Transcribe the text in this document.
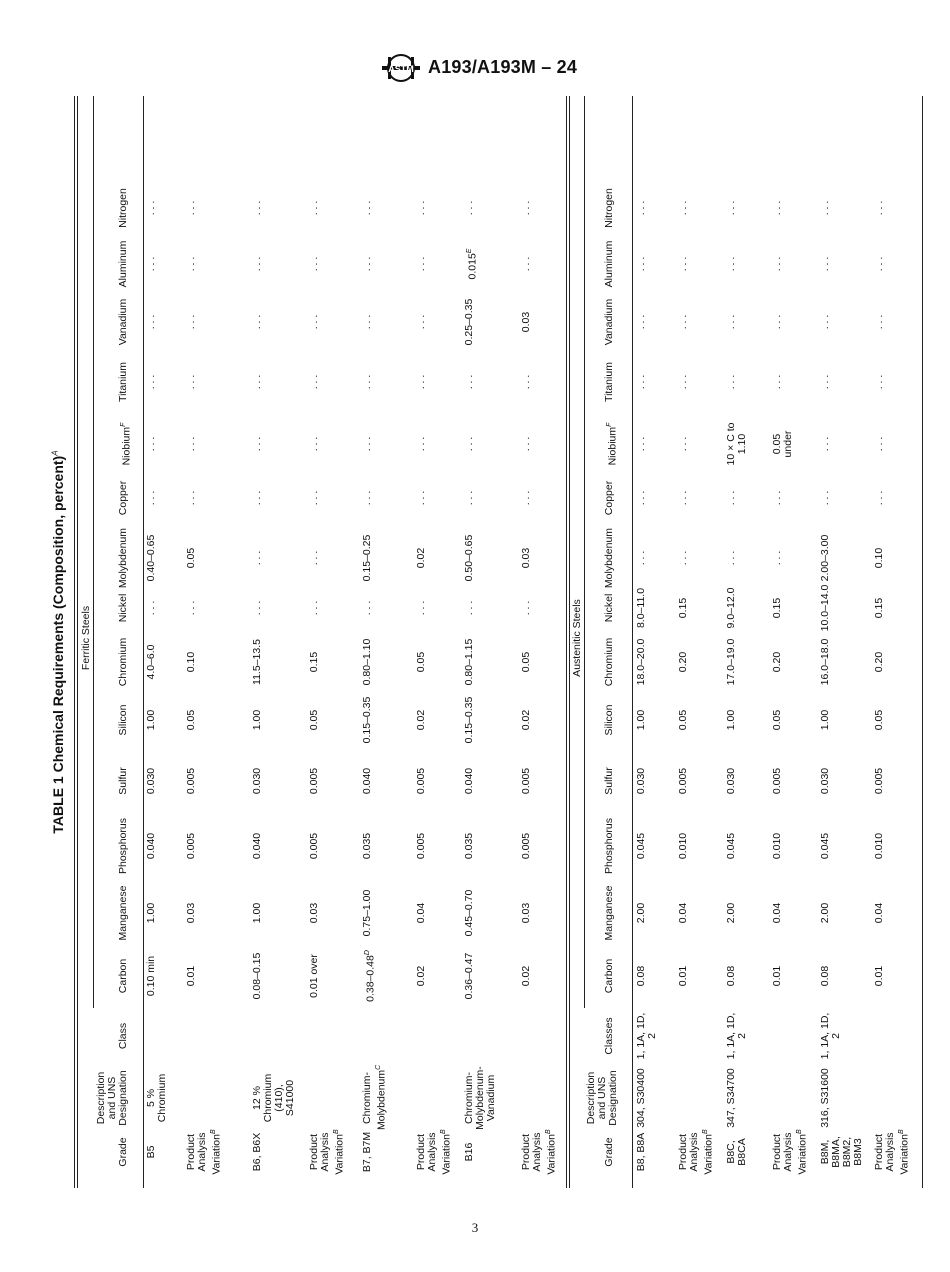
ASTM A193/A193M – 24
TABLE 1 Chemical Requirements (Composition, percent)$^A$
Ferritic Steels
Grade
Description and UNS Designation
Class
Carbon
Manganese
Phosphorus
Sulfur
Silicon
Chromium
Nickel
Molybdenum
Copper
Niobium$^F$
Titanium
Vanadium
Aluminum
Nitrogen
B5
5 % Chromium
0.10 min
1.00
0.040
0.030
1.00
4.0–6.0
. . .
0.40–0.65
. . .
. . .
. . .
. . .
. . .
. . .
Product Analysis Variation$^B$
0.01
0.03
0.005
0.005
0.05
0.10
. . .
0.05
. . .
. . .
. . .
. . .
. . .
. . .
B6, B6X
12 % Chromium (410), S41000
0.08–0.15
1.00
0.040
0.030
1.00
11.5–13.5
. . .
. . .
. . .
. . .
. . .
. . .
. . .
. . .
Product Analysis Variation$^B$
0.01 over
0.03
0.005
0.005
0.05
0.15
. . .
. . .
. . .
. . .
. . .
. . .
. . .
. . .
B7, B7M
Chromium-Molybdenum$^C$
$0.38-0.48^D$
0.75–1.00
0.035
0.040
0.15–0.35
0.80–1.10
. . .
0.15–0.25
. . .
. . .
. . .
. . .
. . .
. . .
Product Analysis Variation$^B$
0.02
0.04
0.005
0.005
0.02
0.05
. . .
0.02
. . .
. . .
. . .
. . .
. . .
. . .
B16
Chromium-Molybdenum-Vanadium
0.36–0.47
0.45–0.70
0.035
0.040
0.15–0.35
0.80–1.15
. . .
0.50–0.65
. . .
. . .
. . .
0.25–0.35
$0.015^E$
. . .
Product Analysis Variation$^B$
0.02
0.03
0.005
0.005
0.02
0.05
. . .
0.03
. . .
. . .
. . .
0.03
. . .
. . .
Austenitic Steels
Grade
Description and UNS Designation
Classes
Carbon
Manganese
Phosphorus
Sulfur
Silicon
Chromium
Nickel
Molybdenum
Copper
Niobium$^F$
Titanium
Vanadium
Aluminum
Nitrogen
B8, B8A
304, S30400
1, 1A, 1D, 2
0.08
2.00
0.045
0.030
1.00
18.0–20.0
8.0–11.0
. . .
. . .
. . .
. . .
. . .
. . .
. . .
Product Analysis Variation$^B$
0.01
0.04
0.010
0.005
0.05
0.20
0.15
. . .
. . .
. . .
. . .
. . .
. . .
. . .
B8C, B8CA
347, S34700
1, 1A, 1D, 2
0.08
2.00
0.045
0.030
1.00
17.0–19.0
9.0–12.0
. . .
. . .
10 × C to 1.10
. . .
. . .
. . .
. . .
Product Analysis Variation$^B$
0.01
0.04
0.010
0.005
0.05
0.20
0.15
. . .
. . .
0.05 under
. . .
. . .
. . .
. . .
B8M, B8MA, B8M2, B8M3
316, S31600
1, 1A, 1D, 2
0.08
2.00
0.045
0.030
1.00
16.0–18.0
10.0–14.0
2.00–3.00
. . .
. . .
. . .
. . .
. . .
. . .
Product Analysis Variation$^B$
0.01
0.04
0.010
0.005
0.05
0.20
0.15
0.10
. . .
. . .
. . .
. . .
. . .
. . .
3
